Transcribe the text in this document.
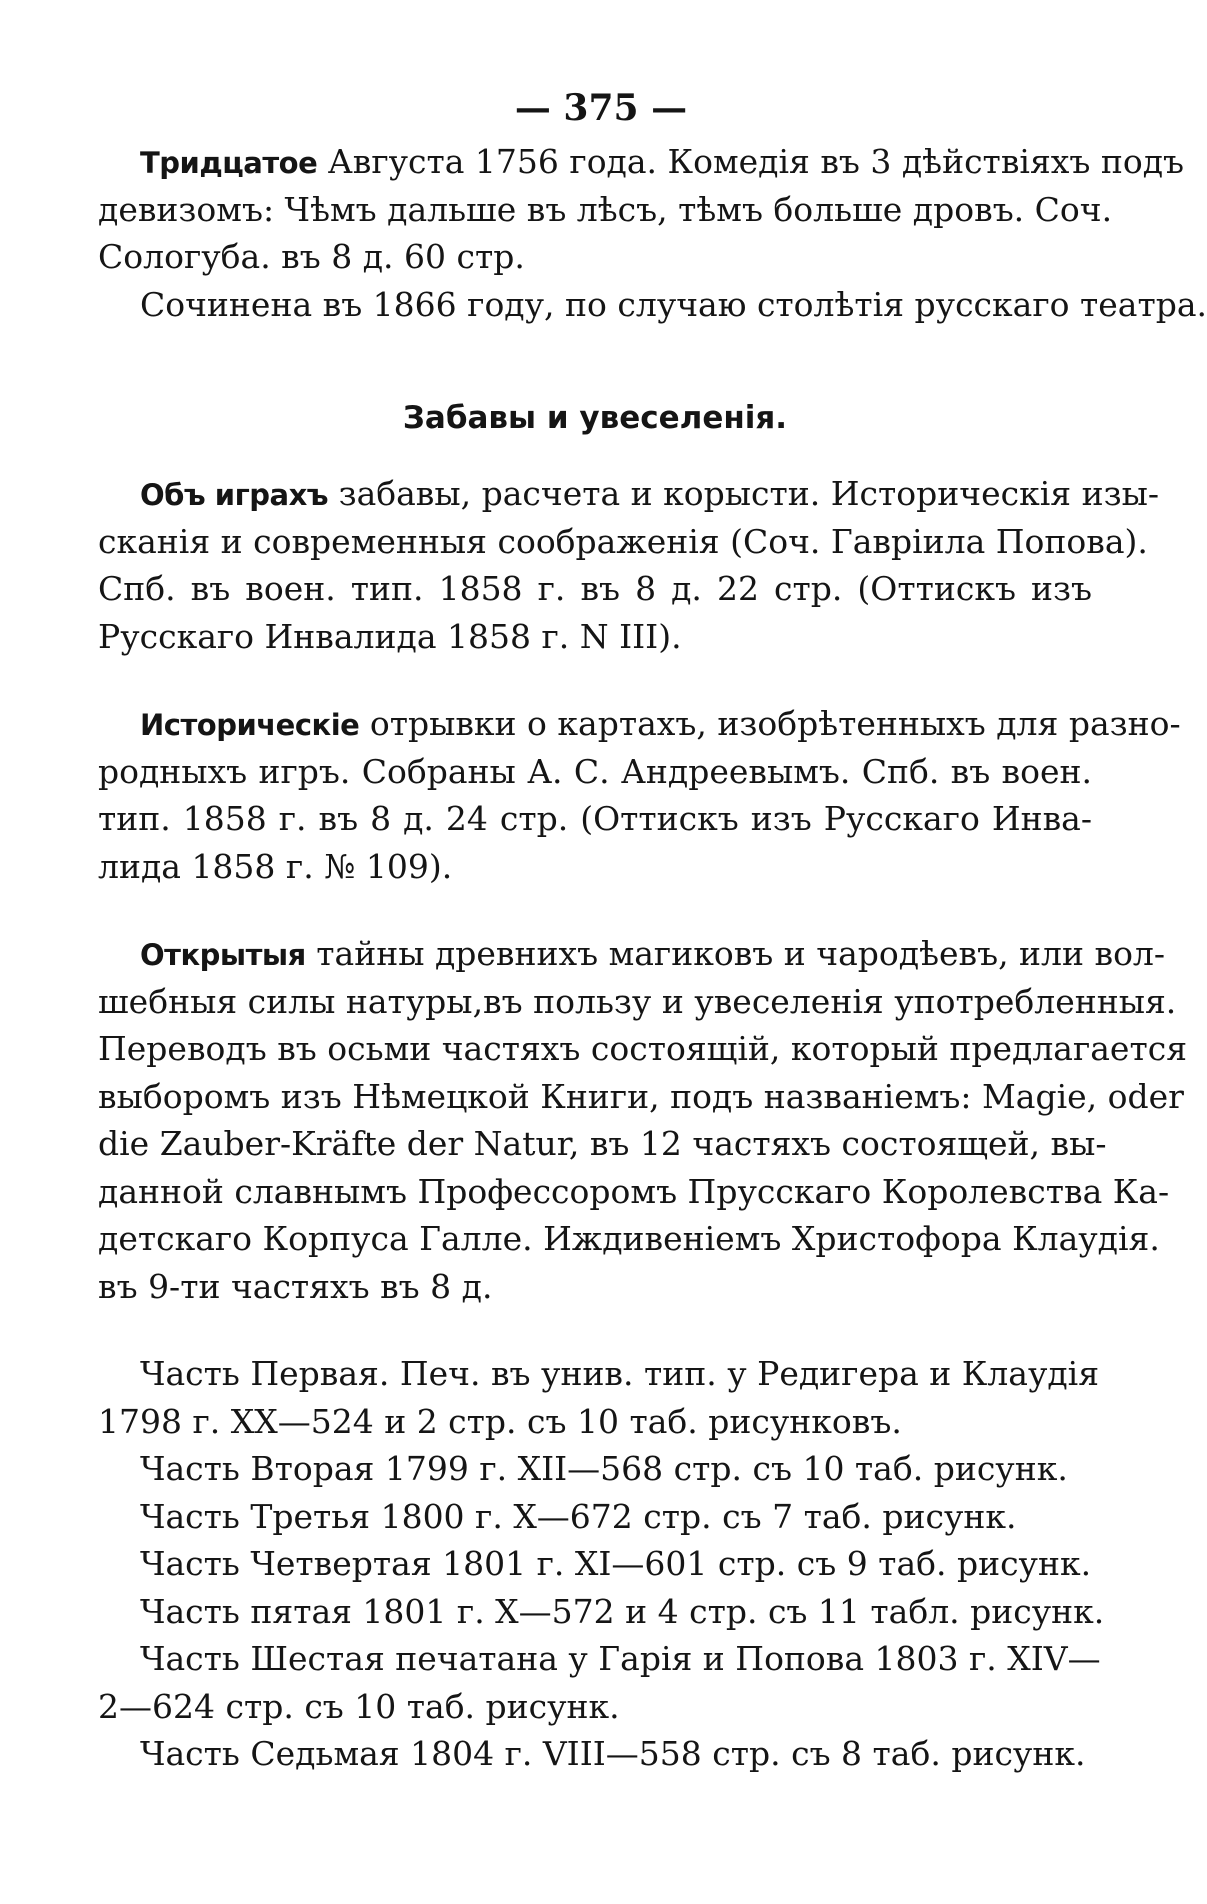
— 375 —
Тридцатое Августа 1756 года. Комедія въ 3 дѣйствіяхъ подъ
девизомъ: Чѣмъ дальше въ лѣсъ, тѣмъ больше дровъ. Соч.
Сологуба. въ 8 д. 60 стр.
Сочинена въ 1866 году, по случаю столѣтія русскаго театра.
Забавы и увеселенія.
Объ играхъ забавы, расчета и корысти. Историческія изы-
сканія и современныя соображенія (Соч. Гавріила Попова).
Спб. въ воен. тип. 1858 г. въ 8 д. 22 стр. (Оттискъ изъ
Русскаго Инвалида 1858 г. N III).
Историческіе отрывки о картахъ, изобрѣтенныхъ для разно-
родныхъ игръ. Собраны А. С. Андреевымъ. Спб. въ воен.
тип. 1858 г. въ 8 д. 24 стр. (Оттискъ изъ Русскаго Инва-
лида 1858 г. № 109).
Открытыя тайны древнихъ магиковъ и чародѣевъ, или вол-
шебныя силы натуры,въ пользу и увеселенія употребленныя.
Переводъ въ осьми частяхъ состоящій, который предлагается
выборомъ изъ Нѣмецкой Книги, подъ названіемъ: Magie, oder
die Zauber-Kräfte der Natur, въ 12 частяхъ состоящей, вы-
данной славнымъ Профессоромъ Прусскаго Королевства Ка-
детскаго Корпуса Галле. Иждивеніемъ Христофора Клаудія.
въ 9-ти частяхъ въ 8 д.
Часть Первая. Печ. въ унив. тип. у Редигера и Клаудія
1798 г. XX—524 и 2 стр. съ 10 таб. рисунковъ.
Часть Вторая 1799 г. XII—568 стр. съ 10 таб. рисунк.
Часть Третья 1800 г. X—672 стр. съ 7 таб. рисунк.
Часть Четвертая 1801 г. XI—601 стр. съ 9 таб. рисунк.
Часть пятая 1801 г. X—572 и 4 стр. съ 11 табл. рисунк.
Часть Шестая печатана у Гарія и Попова 1803 г. XIV—
2—624 стр. съ 10 таб. рисунк.
Часть Седьмая 1804 г. VIII—558 стр. съ 8 таб. рисунк.
